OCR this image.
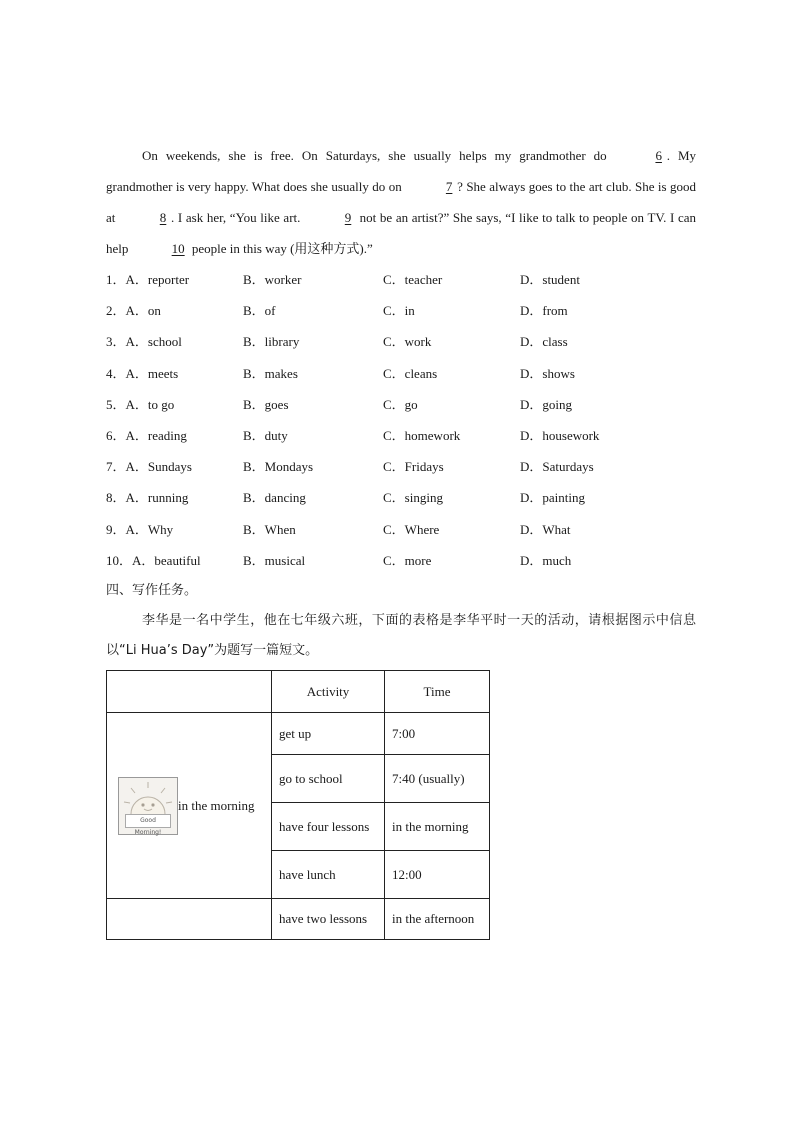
On weekends, she is free. On Saturdays, she usually helps my grandmother do	6 . My grandmother is very happy. What does she usually do on	7 ? She always goes to the art club. She is good at	8 . I ask her, “You like art.	9 not be an artist?” She says, “I like to talk to people on TV. I can help	10 people in this way (用这种方式).”

1．A．reporter	B．worker	C．teacher	D．student
2．A．on	B．of	C．in	D．from
3．A．school	B．library	C．work	D．class
4．A．meets	B．makes	C．cleans	D．shows
5．A．to go	B．goes	C．go	D．going
6．A．reading	B．duty	C．homework	D．housework
7．A．Sundays	B．Mondays	C．Fridays	D．Saturdays
8．A．running	B．dancing	C．singing	D．painting
9．A．Why	B．When	C．Where	D．What
10．A．beautiful	B．musical	C．more	D．much

四、写作任务。

李华是一名中学生，他在七年级六班，下面的表格是李华平时一天的活动，请根据图示中信息以“Li Hua’s Day”为题写一篇短文。

	Activity	Time

Good Morning!
in the morning	get up	7:00
	go to school	7:40 (usually)
	have four lessons	in the morning
	have lunch	12:00
	have two lessons	in the afternoon
